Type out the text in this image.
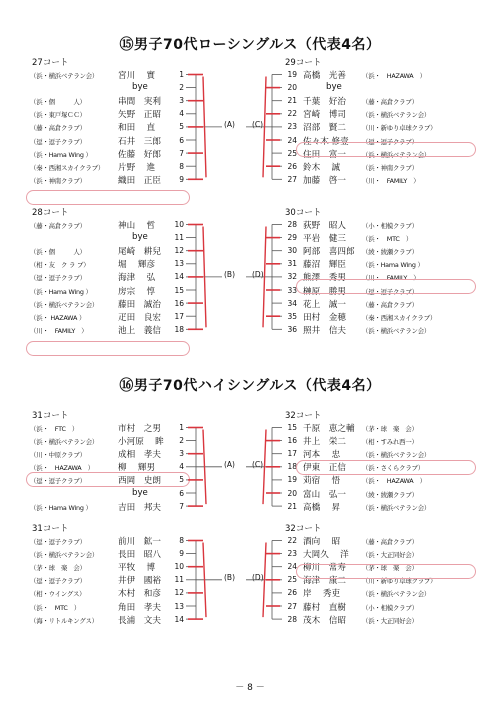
⑮男子70代ローシングルス（代表4名）
⑯男子70代ハイシングルス（代表4名）
－ 8 －
27コート
（浜・横浜ベテラン会）	宮川　 實	1
bye	2
（浜・個　　　人）	串間　実利	3
（浜・東戸塚ＣＣ）	矢野　正昭	4
（藤・高倉クラブ）	和田　 直	5
（逗・逗子クラブ）	石井　三郎	6
（浜・Hama Wing ）	佐藤　好郎	7
（秦・西湘スカイクラブ）	片野　 進	8
（浜・神南クラブ）	織田　正臣	9
28コート
（藤・高倉クラブ）	神山　 哲	10
bye	11
（浜・個　　　人）	尾崎　耕兒	12
（相・友　ク ラ ブ）	堀　 輝彦	13
（逗・逗子クラブ）	海津　 弘	14
（浜・Hama Wing ）	房宗　 惇	15
（浜・横浜ベテラン会）	藤田　誠治	16
（浜・ HAZAWA ）	疋田　良宏	17
（川・　FAMILY　）	池上　義信	18
29コート
19 高橋　光善	（浜・　HAZAWA　）
20	bye
21 千葉　好治	（藤・高倉クラブ）
22 宮崎　博司	（浜・横浜ベテラン会）
23 沼部　賢二	（川・新ゆり卓球クラブ）
24 佐々木 修壹 （逗・逗子クラブ）
25 住田　富一	（浜・横浜ベテラン会）
26 鈴木　 誠	（浜・神南クラブ）
27 加藤　啓一	（川・　FAMILY　）
30コート
28 荻野　昭人	（小・相模クラブ）
29 平岩　健三	（浜・　MTC　）
30 阿部　喜四郎 （綾・綾瀬クラブ）
31 藤沼　輝臣	（浜・Hama Wing ）
32 熊澤　秀男	（川・　FAMILY　）
33 榊原　勝男	（逗・逗子クラブ）
34 花上　誠一	（藤・高倉クラブ）
35 田村　金穂	（秦・西湘スカイクラブ）
36 照井　信夫	（浜・横浜ベテラン会）
(A)
(B)
(C)
(D)
31コート
（浜・　FTC　）	市村　之男	1
（浜・横浜ベテラン会）	小河原　 眸	2
（川・中原クラブ）	成相　孝夫	3
（浜・　HAZAWA　）	柳　 輝男	4
（逗・逗子クラブ）	西岡　史朗	5
bye	6
（浜・Hama Wing ）	吉田　邦夫	7
31コート
（逗・逗子クラブ）	前川　鉱一	8
（浜・横浜ベテラン会）	長田　昭八	9
（茅・球　楽　会）	平牧　 博	10
（逗・逗子クラブ）	井伊　國裕	11
（相・ウイングス）	木村　和彦	12
（浜・　MTC　）	角田　孝夫	13
（海・リトルキングス）	長浦　文夫	14
32コート
15 千原　恵之輔 （茅・球　楽　会）
16 井上　栄二	（相・すみれ西一）
17 河本　 忠	（浜・横浜ベテラン会）
18 伊東　正信	（浜・さくらクラブ）
19 苅宿　 悟	（浜・　HAZAWA　）
20 富山　弘一	（綾・綾瀬クラブ）
21 高橋　 昇	（浜・横浜ベテラン会）
32コート
22 酒向　 昭	（藤・高倉クラブ）
23 大岡久　 洋 （浜・大正同好会）
24 柳川　常寿	（茅・球　楽　会）
25 海津　康二	（川・新ゆり卓球クラブ）
26 岸　 秀吏	（浜・横浜ベテラン会）
27 藤村　直樹	（小・相模クラブ）
28 茂木　信昭	（浜・大正同好会）
(A)
(B)
(C)
(D)
